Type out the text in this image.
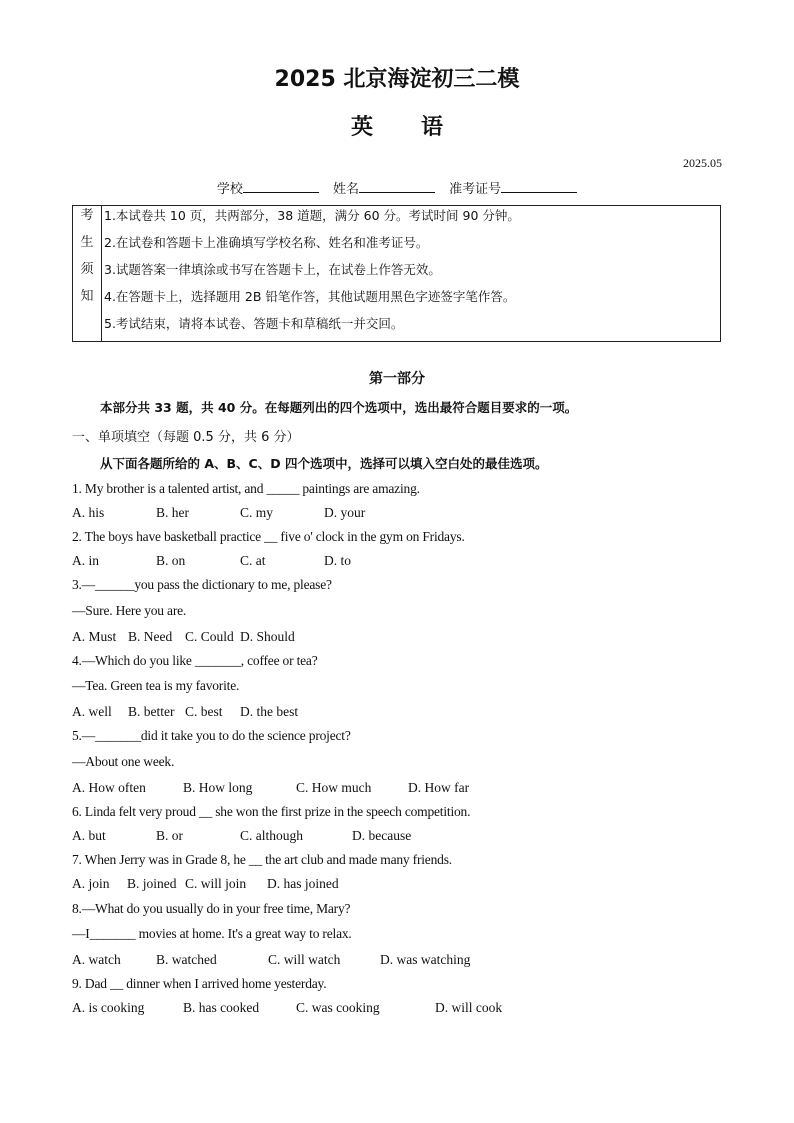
2025 北京海淀初三二模
英语
2025.05
学校	姓名	准考证号
考
生
须
知
1.本试卷共 10 页，共两部分，38 道题，满分 60 分。考试时间 90 分钟。
2.在试卷和答题卡上准确填写学校名称、姓名和准考证号。
3.试题答案一律填涂或书写在答题卡上，在试卷上作答无效。
4.在答题卡上，选择题用 2B 铅笔作答，其他试题用黑色字迹签字笔作答。
5.考试结束，请将本试卷、答题卡和草稿纸一并交回。
第一部分
本部分共 33 题，共 40 分。在每题列出的四个选项中，选出最符合题目要求的一项。
一、单项填空（每题 0.5 分，共 6 分）
从下面各题所给的 A、B、C、D 四个选项中，选择可以填入空白处的最佳选项。
1. My brother is a talented artist, and _____ paintings are amazing.
A. his	B. her	C. my	D. your
2. The boys have basketball practice __ five o' clock in the gym on Fridays.
A. in	B. on	C. at	D. to
3.—______you pass the dictionary to me, please?
—Sure. Here you are.
A. Must B. Need C. Could D. Should
4.—Which do you like _______, coffee or tea?
—Tea. Green tea is my favorite.
A. well B. better C. best D. the best
5.—_______did it take you to do the science project?
—About one week.
A. How often	B. How long	C. How much	D. How far
6. Linda felt very proud __ she won the first prize in the speech competition.
A. but	B. or	C. although	D. because
7. When Jerry was in Grade 8, he __ the art club and made many friends.
A. join B. joined C. will join D. has joined
8.—What do you usually do in your free time, Mary?
—I_______ movies at home. It's a great way to relax.
A. watch	B. watched	C. will watch	D. was watching
9. Dad __ dinner when I arrived home yesterday.
A. is cooking	B. has cooked	C. was cooking	D. will cook
